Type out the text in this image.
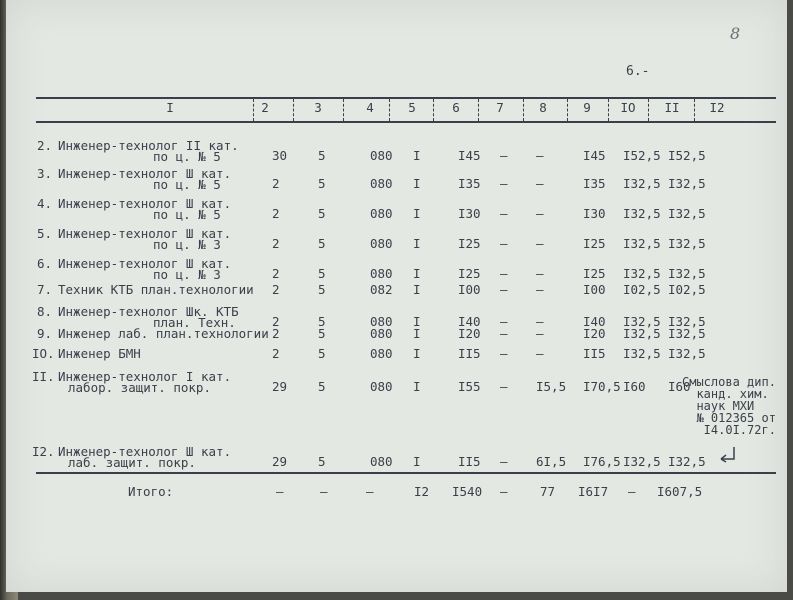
8
6.-
I	2	3	4	5	6	7	8	9	IO	II	I2
2. Инженер-технолог II кат.
по ц. № 5	30 5	080 I	I45 – –	I45 I52,5 I52,5
3. Инженер-технолог Ш кат.
по ц. № 5	2	5	080 I	I35 – –	I35 I32,5 I32,5
4. Инженер-технолог Ш кат.
по ц. № 5	2	5	080 I	I30 – –	I30 I32,5 I32,5
5. Инженер-технолог Ш кат.
по ц. № 3	2	5	080 I	I25 – –	I25 I32,5 I32,5
6. Инженер-технолог Ш кат.
по ц. № 3	2	5	080 I	I25 – –	I25 I32,5 I32,5
7. Техник КТБ план.технологии 2	5	082 I	I00 – –	I00 I02,5 I02,5
8. Инженер-технолог Шк. КТБ
план. Техн.	2	5	080 I	I40 – –	I40 I32,5 I32,5
9. Инженер лаб. план.технологии 2	5	080 I	I20 – –	I20 I32,5 I32,5
IO. Инженер БМН	2	5	080 I	II5 – –	II5 I32,5 I32,5
II. Инженер-технолог I кат.
лабор. защит. покр.	29 5	080 I	I55 – I5,5 I70,5 I60 I60
I2. Инженер-технолог Ш кат.
лаб. защит. покр.	29 5	080 I	II5 – 6I,5 I76,5 I32,5 I32,5
Смыслова дип.
канд. хим.
наук МХИ
№ 012365 от
I4.0I.72г.
Итого:	–	–	–	I2 I540 –	77 I6I7 – I607,5
